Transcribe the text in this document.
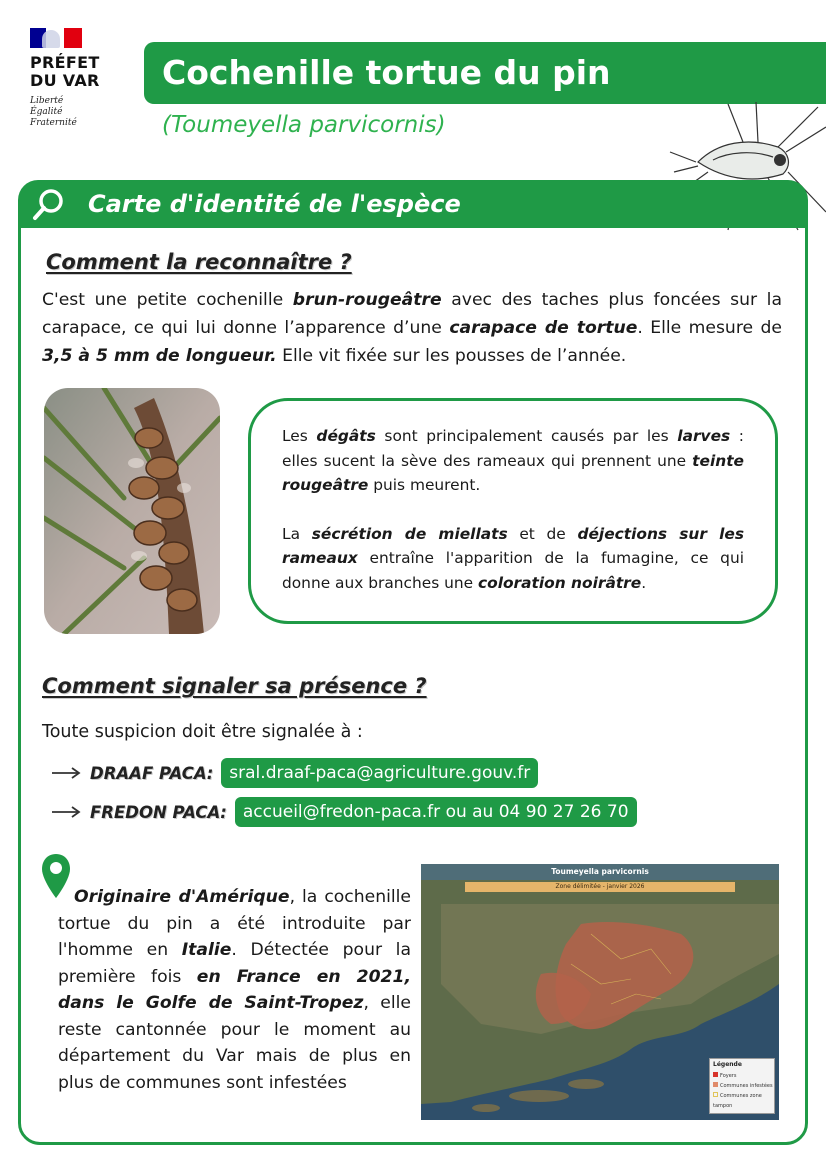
PRÉFET
DU VAR
Liberté
Égalité
Fraternité
Cochenille tortue du pin
(Toumeyella parvicornis)
Carte d'identité de l'espèce
Comment la reconnaître ?
C'est une petite cochenille brun-rougeâtre avec des taches plus foncées sur la carapace, ce qui lui donne l’apparence d’une carapace de tortue. Elle mesure de 3,5 à 5 mm de longueur. Elle vit fixée sur les pousses de l’année.

Les dégâts sont principalement causés par les larves : elles sucent la sève des rameaux qui prennent une teinte rougeâtre puis meurent.

La sécrétion de miellats et de déjections sur les rameaux entraîne l'apparition de la fumagine, ce qui donne aux branches une coloration noirâtre.

Comment signaler sa présence ?
Toute suspicion doit être signalée à :
DRAAF PACA : sral.draaf-paca@agriculture.gouv.fr
FREDON PACA : accueil@fredon-paca.fr ou au 04 90 27 26 70
Originaire d'Amérique, la cochenille tortue du pin a été introduite par l'homme en Italie. Détectée pour la première fois en France en 2021, dans le Golfe de Saint-Tropez, elle reste cantonnée pour le moment au département du Var mais de plus en plus de communes sont infestées
Toumeyella parvicornis
Zone délimitée - janvier 2026
Légende
Foyers
Communes infestées
Communes zone tampon
